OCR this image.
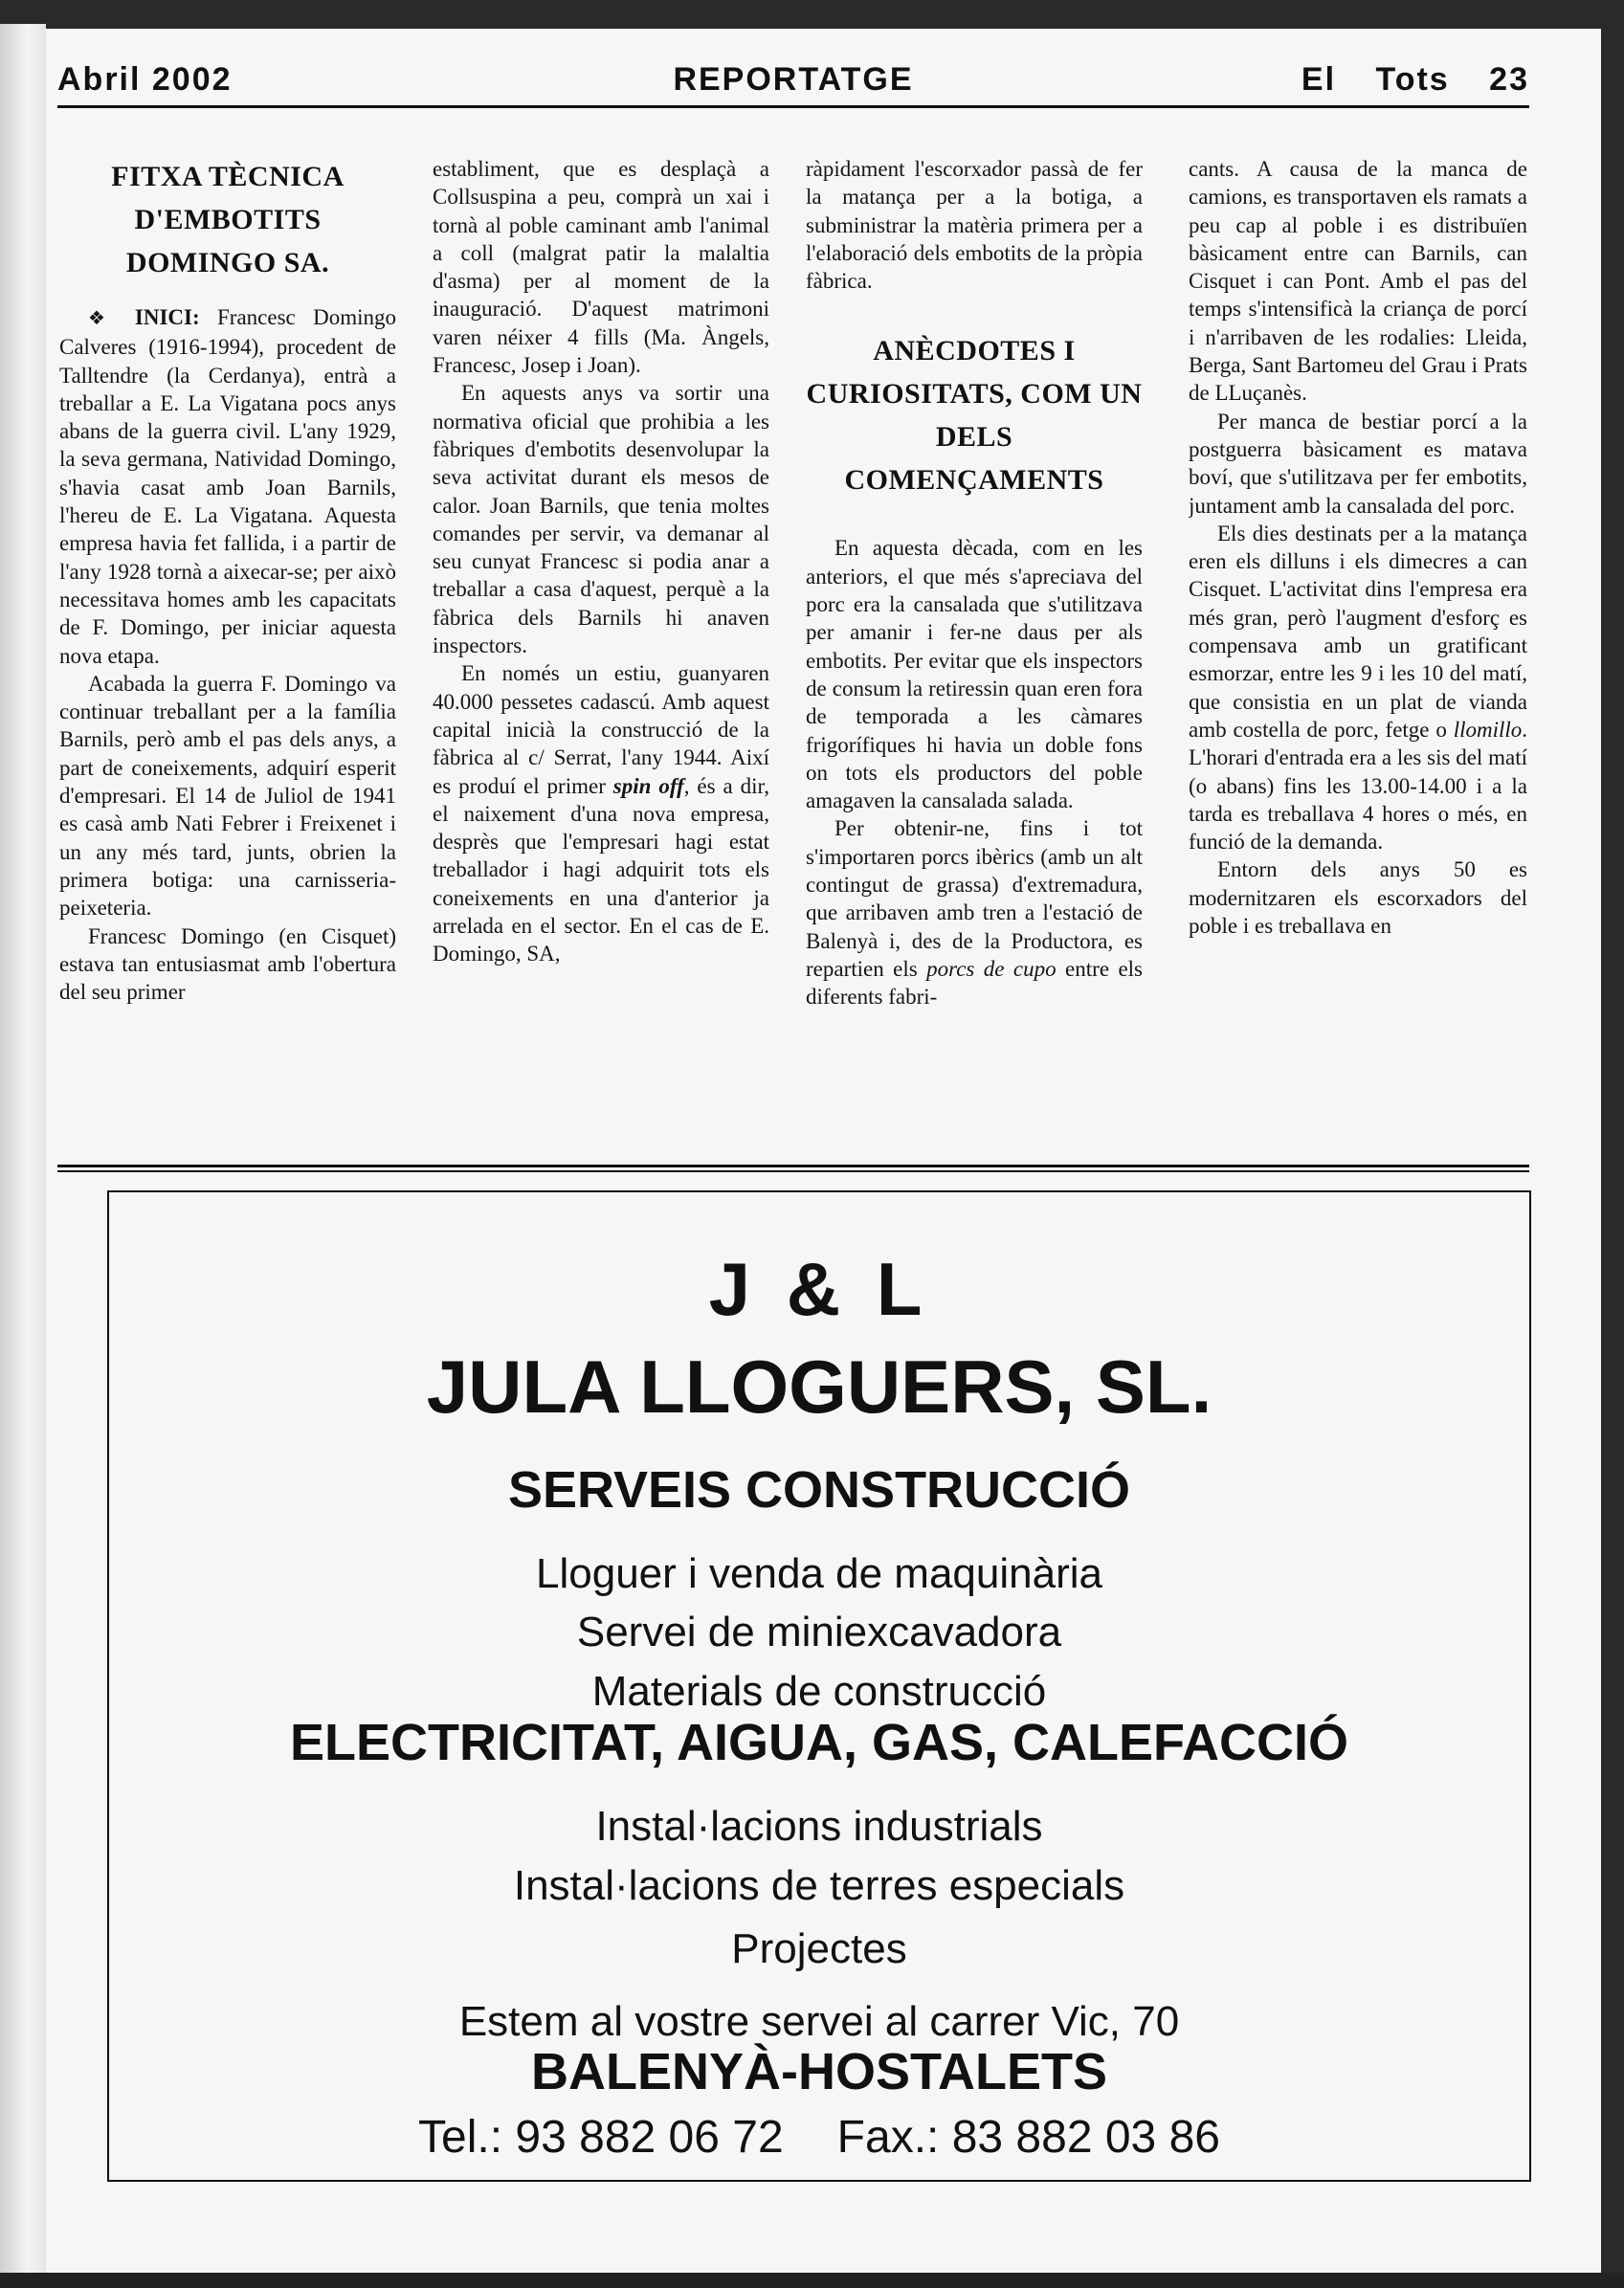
Abril 2002	REPORTATGE	El Tots 23
FITXA TÈCNICA D'EMBOTITS DOMINGO SA.

❖ INICI: Francesc Domingo Calveres (1916-1994), procedent de Talltendre (la Cerdanya), entrà a treballar a E. La Vigatana pocs anys abans de la guerra civil. L'any 1929, la seva germana, Natividad Domingo, s'havia casat amb Joan Barnils, l'hereu de E. La Vigatana. Aquesta empresa havia fet fallida, i a partir de l'any 1928 tornà a aixecar-se; per això necessitava homes amb les capacitats de F. Domingo, per iniciar aquesta nova etapa.

Acabada la guerra F. Domingo va continuar treballant per a la família Barnils, però amb el pas dels anys, a part de coneixements, adquirí esperit d'empresari. El 14 de Juliol de 1941 es casà amb Nati Febrer i Freixenet i un any més tard, junts, obrien la primera botiga: una carnisseria-peixeteria.

Francesc Domingo (en Cisquet) estava tan entusiasmat amb l'obertura del seu primer

establiment, que es desplaçà a Collsuspina a peu, comprà un xai i tornà al poble caminant amb l'animal a coll (malgrat patir la malaltia d'asma) per al moment de la inauguració. D'aquest matrimoni varen néixer 4 fills (Ma. Àngels, Francesc, Josep i Joan).

En aquests anys va sortir una normativa oficial que prohibia a les fàbriques d'embotits desenvolupar la seva activitat durant els mesos de calor. Joan Barnils, que tenia moltes comandes per servir, va demanar al seu cunyat Francesc si podia anar a treballar a casa d'aquest, perquè a la fàbrica dels Barnils hi anaven inspectors.

En només un estiu, guanyaren 40.000 pessetes cadascú. Amb aquest capital inicià la construcció de la fàbrica al c/ Serrat, l'any 1944. Així es produí el primer spin off, és a dir, el naixement d'una nova empresa, desprès que l'empresari hagi estat treballador i hagi adquirit tots els coneixements en una d'anterior ja arrelada en el sector. En el cas de E. Domingo, SA,

ràpidament l'escorxador passà de fer la matança per a la botiga, a subministrar la matèria primera per a l'elaboració dels embotits de la pròpia fàbrica.

ANÈCDOTES I CURIOSITATS, COM UN DELS COMENÇAMENTS

En aquesta dècada, com en les anteriors, el que més s'apreciava del porc era la cansalada que s'utilitzava per amanir i fer-ne daus per als embotits. Per evitar que els inspectors de consum la retiressin quan eren fora de temporada a les càmares frigorífiques hi havia un doble fons on tots els productors del poble amagaven la cansalada salada.

Per obtenir-ne, fins i tot s'importaren porcs ibèrics (amb un alt contingut de grassa) d'extremadura, que arribaven amb tren a l'estació de Balenyà i, des de la Productora, es repartien els porcs de cupo entre els diferents fabri-

cants. A causa de la manca de camions, es transportaven els ramats a peu cap al poble i es distribuïen bàsicament entre can Barnils, can Cisquet i can Pont. Amb el pas del temps s'intensificà la criança de porcí i n'arribaven de les rodalies: Lleida, Berga, Sant Bartomeu del Grau i Prats de LLuçanès.

Per manca de bestiar porcí a la postguerra bàsicament es matava boví, que s'utilitzava per fer embotits, juntament amb la cansalada del porc.

Els dies destinats per a la matança eren els dilluns i els dimecres a can Cisquet. L'activitat dins l'empresa era més gran, però l'augment d'esforç es compensava amb un gratificant esmorzar, entre les 9 i les 10 del matí, que consistia en un plat de vianda amb costella de porc, fetge o llomillo. L'horari d'entrada era a les sis del matí (o abans) fins les 13.00-14.00 i a la tarda es treballava 4 hores o més, en funció de la demanda.

Entorn dels anys 50 es modernitzaren els escorxadors del poble i es treballava en

J & L
JULA LLOGUERS, SL.
SERVEIS CONSTRUCCIÓ
Lloguer i venda de maquinària
Servei de miniexcavadora
Materials de construcció
ELECTRICITAT, AIGUA, GAS, CALEFACCIÓ
Instal·lacions industrials
Instal·lacions de terres especials
Projectes
Estem al vostre servei al carrer Vic, 70
BALENYÀ-HOSTALETS
Tel.: 93 882 06 72 Fax.: 83 882 03 86
